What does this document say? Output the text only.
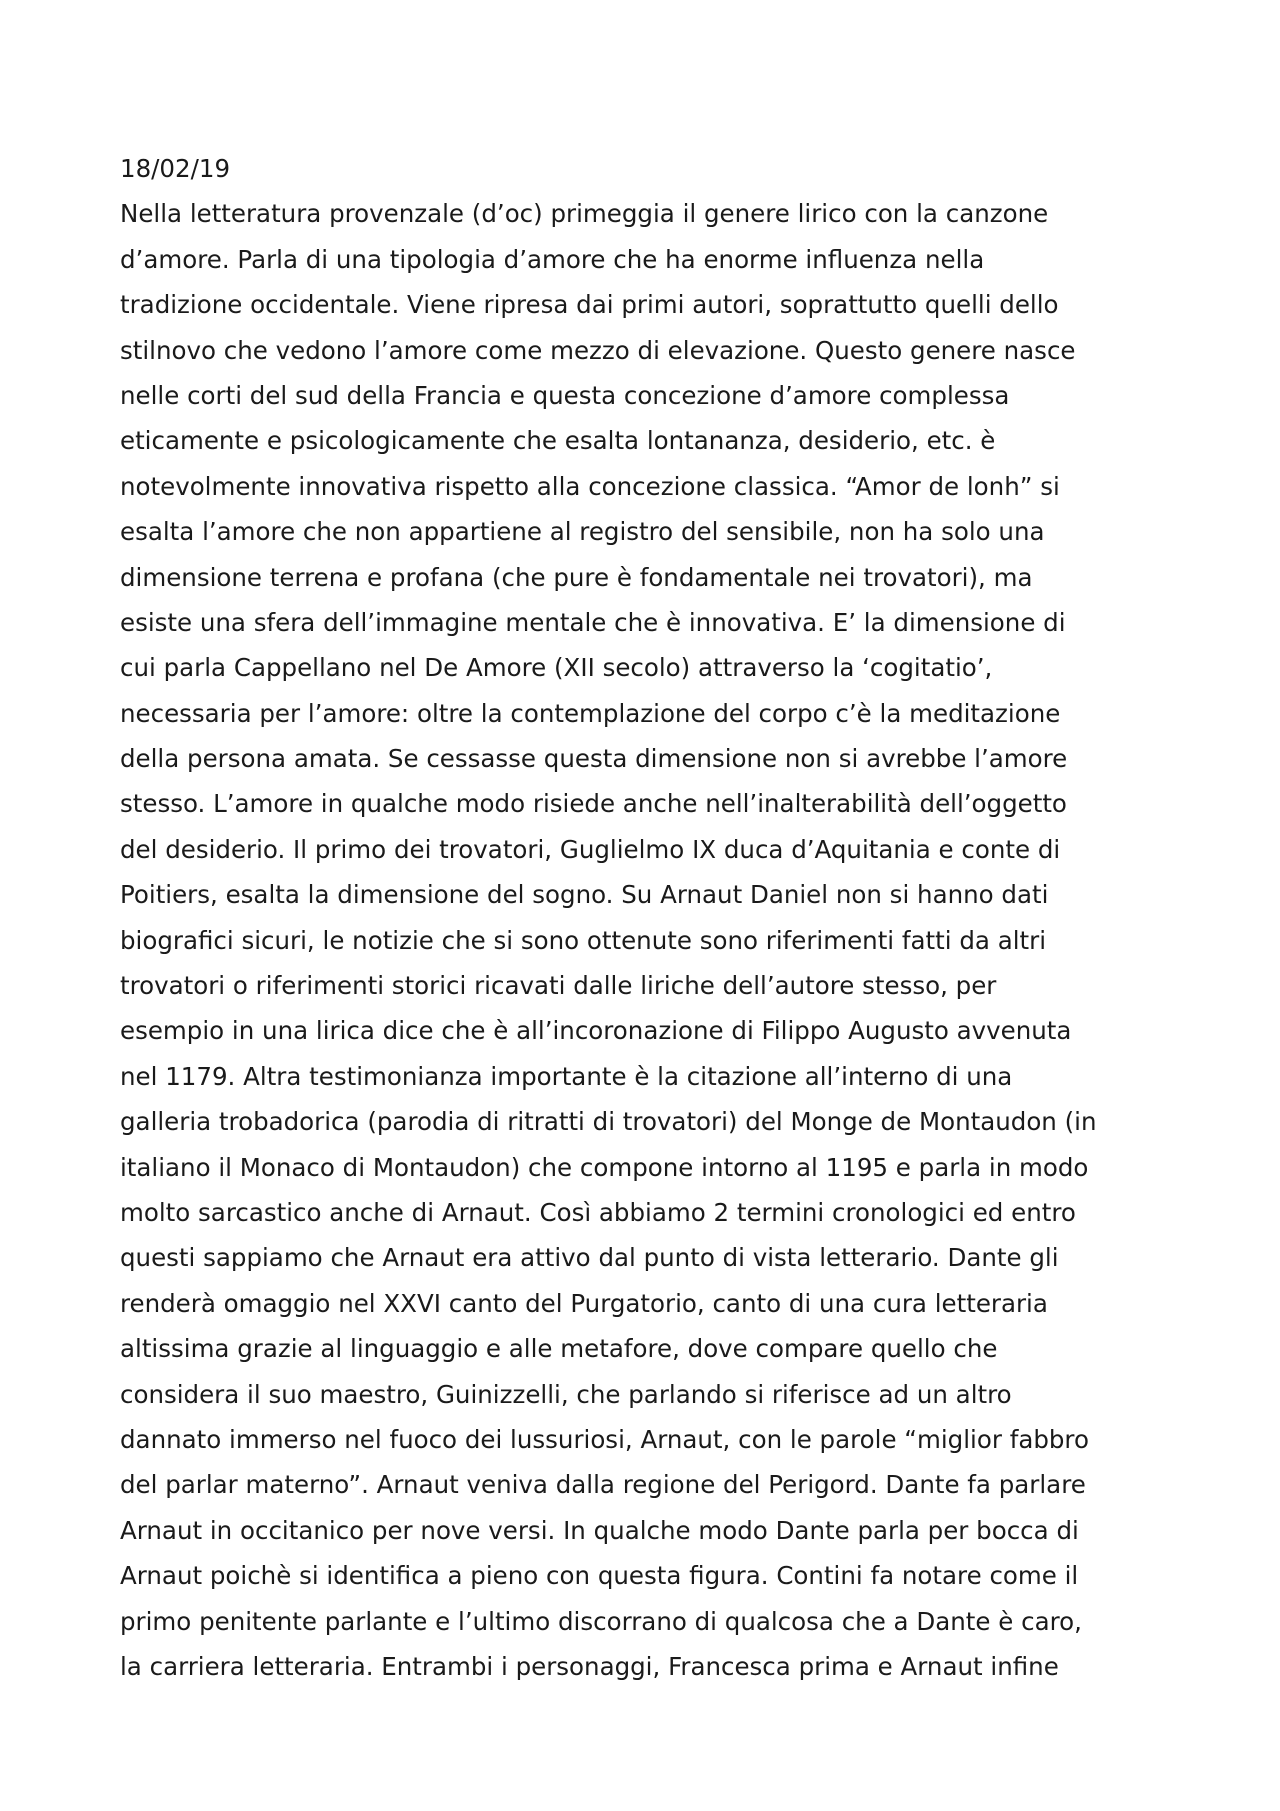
18/02/19
Nella letteratura provenzale (d’oc) primeggia il genere lirico con la canzone
d’amore. Parla di una tipologia d’amore che ha enorme influenza nella
tradizione occidentale. Viene ripresa dai primi autori, soprattutto quelli dello
stilnovo che vedono l’amore come mezzo di elevazione. Questo genere nasce
nelle corti del sud della Francia e questa concezione d’amore complessa
eticamente e psicologicamente che esalta lontananza, desiderio, etc. è
notevolmente innovativa rispetto alla concezione classica. “Amor de lonh” si
esalta l’amore che non appartiene al registro del sensibile, non ha solo una
dimensione terrena e profana (che pure è fondamentale nei trovatori), ma
esiste una sfera dell’immagine mentale che è innovativa. E’ la dimensione di
cui parla Cappellano nel De Amore (XII secolo) attraverso la ‘cogitatio’,
necessaria per l’amore: oltre la contemplazione del corpo c’è la meditazione
della persona amata. Se cessasse questa dimensione non si avrebbe l’amore
stesso. L’amore in qualche modo risiede anche nell’inalterabilità dell’oggetto
del desiderio. Il primo dei trovatori, Guglielmo IX duca d’Aquitania e conte di
Poitiers, esalta la dimensione del sogno. Su Arnaut Daniel non si hanno dati
biografici sicuri, le notizie che si sono ottenute sono riferimenti fatti da altri
trovatori o riferimenti storici ricavati dalle liriche dell’autore stesso, per
esempio in una lirica dice che è all’incoronazione di Filippo Augusto avvenuta
nel 1179. Altra testimonianza importante è la citazione all’interno di una
galleria trobadorica (parodia di ritratti di trovatori) del Monge de Montaudon (in
italiano il Monaco di Montaudon) che compone intorno al 1195 e parla in modo
molto sarcastico anche di Arnaut. Così abbiamo 2 termini cronologici ed entro
questi sappiamo che Arnaut era attivo dal punto di vista letterario. Dante gli
renderà omaggio nel XXVI canto del Purgatorio, canto di una cura letteraria
altissima grazie al linguaggio e alle metafore, dove compare quello che
considera il suo maestro, Guinizzelli, che parlando si riferisce ad un altro
dannato immerso nel fuoco dei lussuriosi, Arnaut, con le parole “miglior fabbro
del parlar materno”. Arnaut veniva dalla regione del Perigord. Dante fa parlare
Arnaut in occitanico per nove versi. In qualche modo Dante parla per bocca di
Arnaut poichè si identifica a pieno con questa figura. Contini fa notare come il
primo penitente parlante e l’ultimo discorrano di qualcosa che a Dante è caro,
la carriera letteraria. Entrambi i personaggi, Francesca prima e Arnaut infine
